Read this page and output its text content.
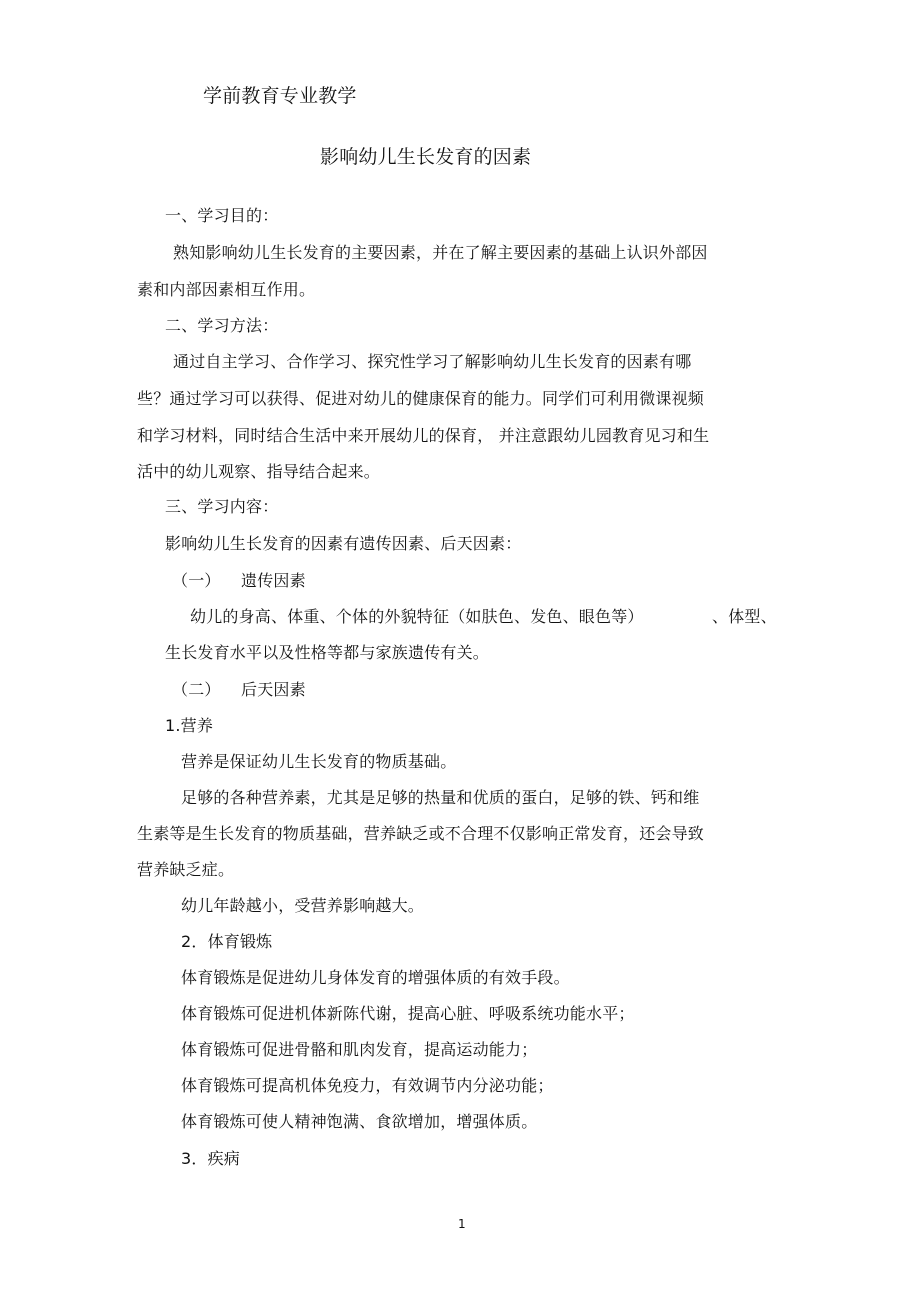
学前教育专业教学
影响幼儿生长发育的因素
一、学习目的：
熟知影响幼儿生长发育的主要因素，并在了解主要因素的基础上认识外部因
素和内部因素相互作用。
二、学习方法：
通过自主学习、合作学习、探究性学习了解影响幼儿生长发育的因素有哪
些？通过学习可以获得、促进对幼儿的健康保育的能力。同学们可利用微课视频
和学习材料，同时结合生活中来开展幼儿的保育， 并注意跟幼儿园教育见习和生
活中的幼儿观察、指导结合起来。
三、学习内容：
影响幼儿生长发育的因素有遗传因素、后天因素：
（一） 遗传因素
幼儿的身高、体重、个体的外貌特征（如肤色、发色、眼色等）	、体型、
生长发育水平以及性格等都与家族遗传有关。
（二） 后天因素
1.营养
营养是保证幼儿生长发育的物质基础。
足够的各种营养素，尤其是足够的热量和优质的蛋白，足够的铁、钙和维
生素等是生长发育的物质基础，营养缺乏或不合理不仅影响正常发育，还会导致
营养缺乏症。
幼儿年龄越小，受营养影响越大。
2．体育锻炼
体育锻炼是促进幼儿身体发育的增强体质的有效手段。
体育锻炼可促进机体新陈代谢，提高心脏、呼吸系统功能水平；
体育锻炼可促进骨骼和肌肉发育，提高运动能力；
体育锻炼可提高机体免疫力，有效调节内分泌功能；
体育锻炼可使人精神饱满、食欲增加，增强体质。
3．疾病
1
